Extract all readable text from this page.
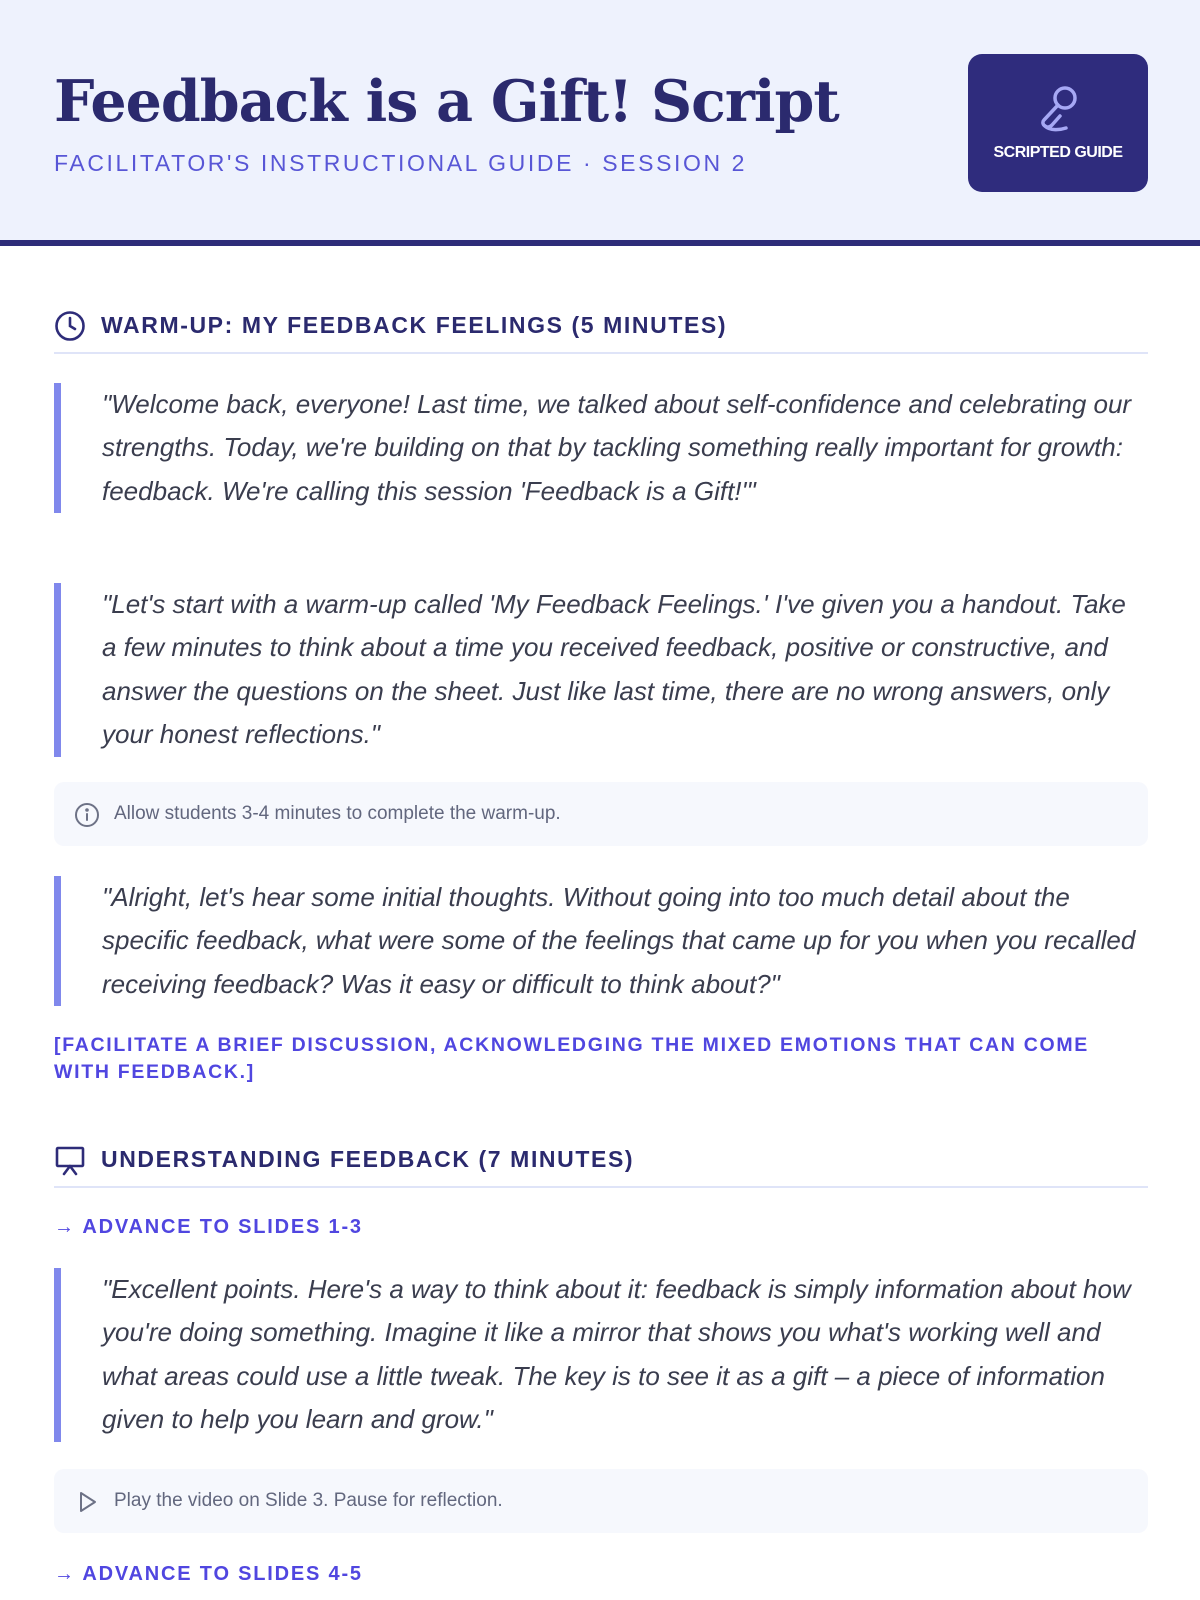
Feedback is a Gift! Script
FACILITATOR'S INSTRUCTIONAL GUIDE · SESSION 2	SCRIPTED GUIDE
WARM-UP: MY FEEDBACK FEELINGS (5 MINUTES)
"Welcome back, everyone! Last time, we talked about self-confidence and celebrating our strengths. Today, we're building on that by tackling something really important for growth: feedback. We're calling this session 'Feedback is a Gift!'"
"Let's start with a warm-up called 'My Feedback Feelings.' I've given you a handout. Take a few minutes to think about a time you received feedback, positive or constructive, and answer the questions on the sheet. Just like last time, there are no wrong answers, only your honest reflections."
Allow students 3-4 minutes to complete the warm-up.
"Alright, let's hear some initial thoughts. Without going into too much detail about the specific feedback, what were some of the feelings that came up for you when you recalled receiving feedback? Was it easy or difficult to think about?"
[FACILITATE A BRIEF DISCUSSION, ACKNOWLEDGING THE MIXED EMOTIONS THAT CAN COME WITH FEEDBACK.]
UNDERSTANDING FEEDBACK (7 MINUTES)
→ ADVANCE TO SLIDES 1-3
"Excellent points. Here's a way to think about it: feedback is simply information about how you're doing something. Imagine it like a mirror that shows you what's working well and what areas could use a little tweak. The key is to see it as a gift – a piece of information given to help you learn and grow."
Play the video on Slide 3. Pause for reflection.
→ ADVANCE TO SLIDES 4-5
